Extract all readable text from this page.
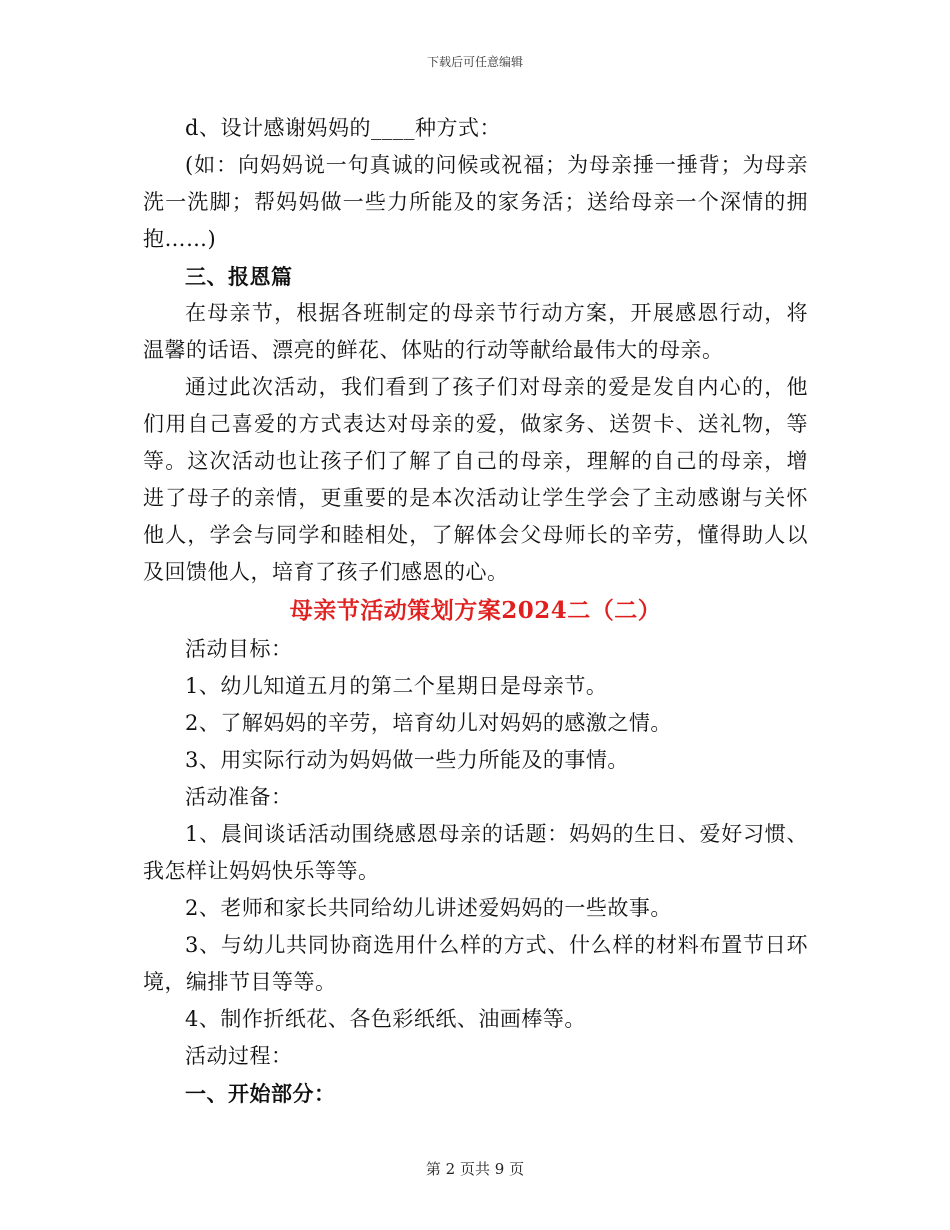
下载后可任意编辑

d、设计感谢妈妈的____种方式：

(如：向妈妈说一句真诚的问候或祝福；为母亲捶一捶背；为母亲洗一洗脚；帮妈妈做一些力所能及的家务活；送给母亲一个深情的拥抱……)

三、报恩篇

在母亲节，根据各班制定的母亲节行动方案，开展感恩行动，将温馨的话语、漂亮的鲜花、体贴的行动等献给最伟大的母亲。

通过此次活动，我们看到了孩子们对母亲的爱是发自内心的，他们用自己喜爱的方式表达对母亲的爱，做家务、送贺卡、送礼物，等等。这次活动也让孩子们了解了自己的母亲，理解的自己的母亲，增进了母子的亲情，更重要的是本次活动让学生学会了主动感谢与关怀他人，学会与同学和睦相处，了解体会父母师长的辛劳，懂得助人以及回馈他人，培育了孩子们感恩的心。

母亲节活动策划方案2024二（二）

活动目标：

1、幼儿知道五月的第二个星期日是母亲节。

2、了解妈妈的辛劳，培育幼儿对妈妈的感激之情。

3、用实际行动为妈妈做一些力所能及的事情。

活动准备：

1、晨间谈话活动围绕感恩母亲的话题：妈妈的生日、爱好习惯、我怎样让妈妈快乐等等。

2、老师和家长共同给幼儿讲述爱妈妈的一些故事。

3、与幼儿共同协商选用什么样的方式、什么样的材料布置节日环境，编排节目等等。

4、制作折纸花、各色彩纸纸、油画棒等。

活动过程：

一、开始部分：

第 2 页共 9 页
